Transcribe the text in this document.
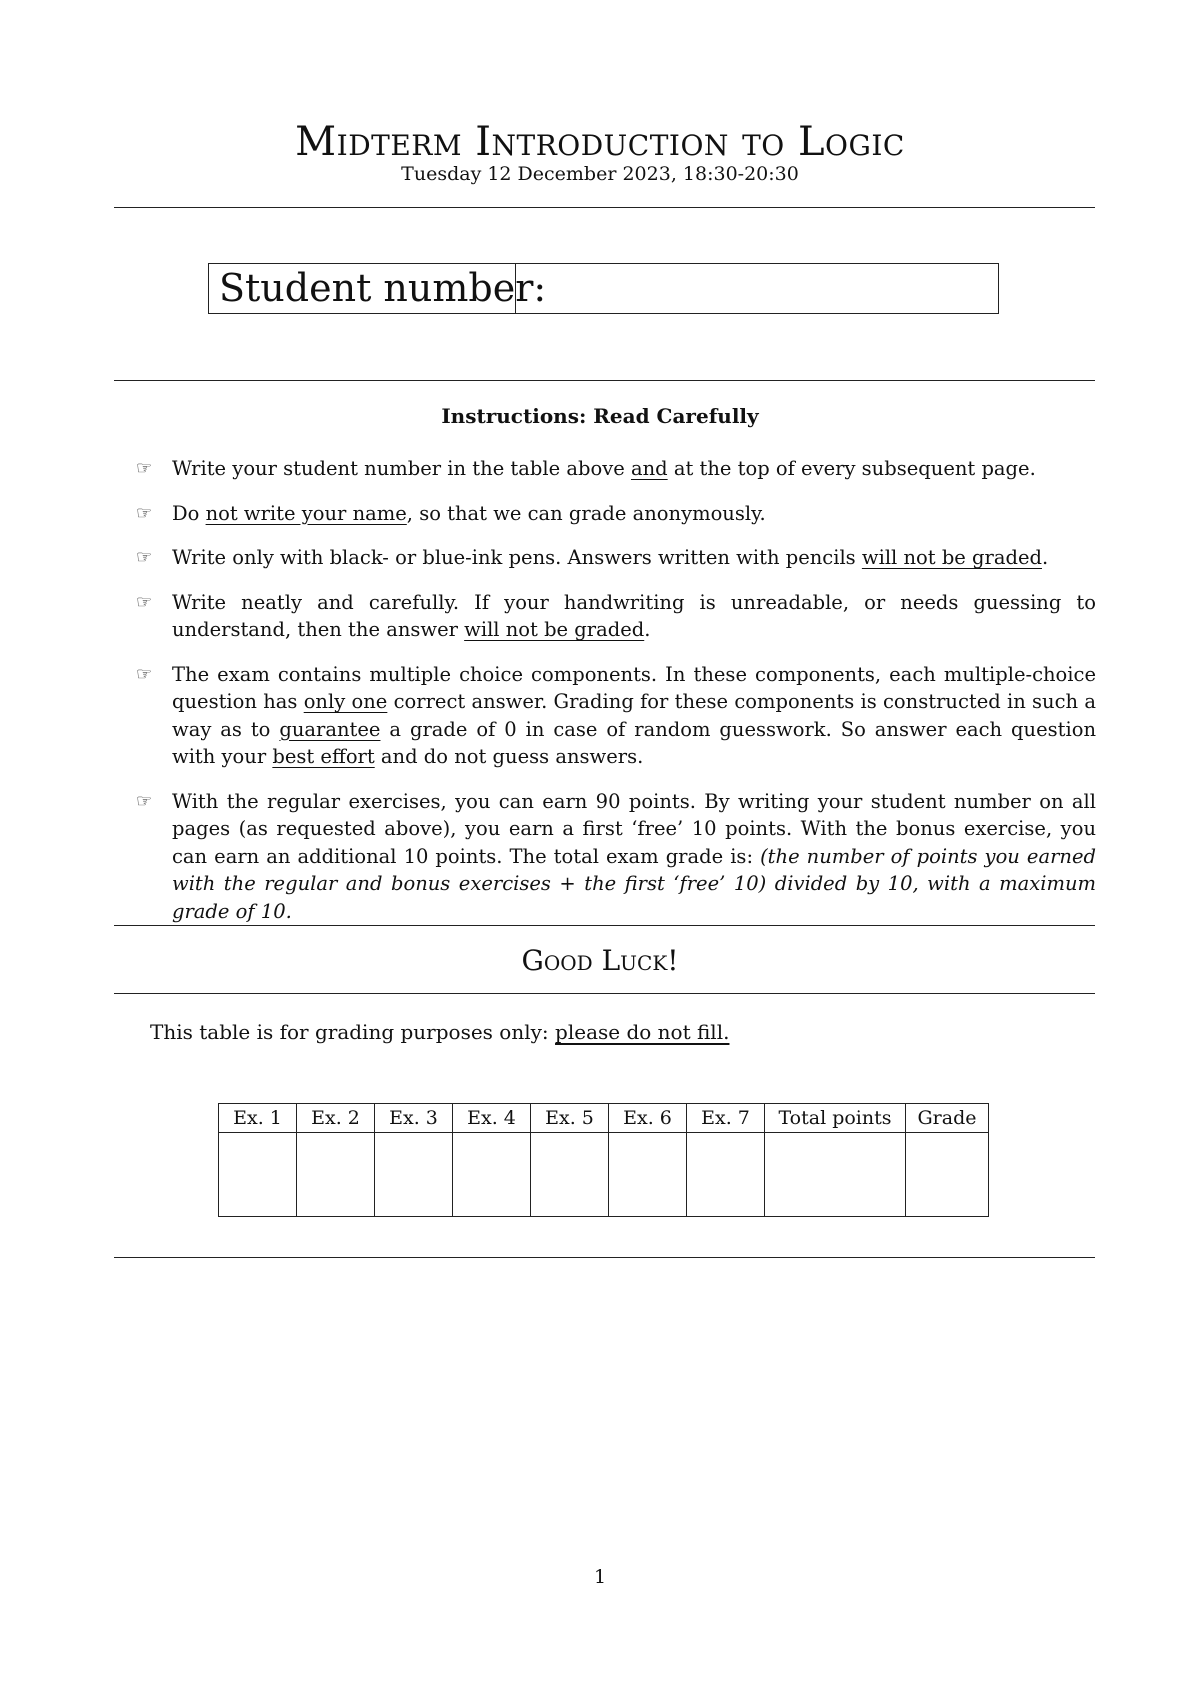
Midterm Introduction to Logic
Tuesday 12 December 2023, 18:30-20:30
Student number:
Instructions: Read Carefully
☞ Write your student number in the table above and at the top of every subsequent page.
☞ Do not write your name, so that we can grade anonymously.
☞ Write only with black- or blue-ink pens. Answers written with pencils will not be graded.
☞ Write neatly and carefully. If your handwriting is unreadable, or needs guessing to understand, then the answer will not be graded.
☞ The exam contains multiple choice components. In these components, each multiple-choice question has only one correct answer. Grading for these components is constructed in such a way as to guarantee a grade of 0 in case of random guesswork. So answer each question with your best effort and do not guess answers.
☞ With the regular exercises, you can earn 90 points. By writing your student number on all pages (as requested above), you earn a first ‘free’ 10 points. With the bonus exercise, you can earn an additional 10 points. The total exam grade is: (the number of points you earned with the regular and bonus exercises + the first ‘free’ 10) divided by 10, with a maximum grade of 10.
Good Luck!
This table is for grading purposes only: please do not fill.
Ex. 1	Ex. 2	Ex. 3	Ex. 4	Ex. 5	Ex. 6	Ex. 7	Total points	Grade

1
